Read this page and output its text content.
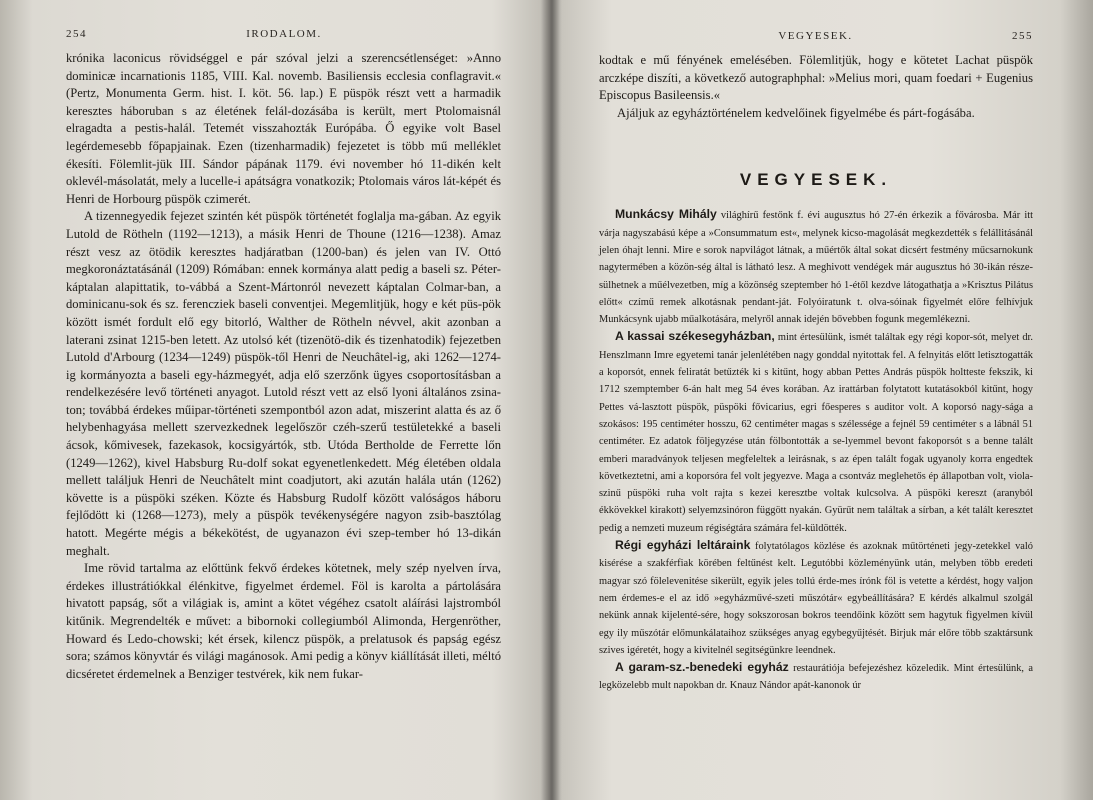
254	IRODALOM.

krónika laconicus rövidséggel e pár szóval jelzi a szerencsétlenséget: »Anno dominicæ incarnationis 1185, VIII. Kal. novemb. Basiliensis ecclesia conflagravit.« (Pertz, Monumenta Germ. hist. I. köt. 56. lap.) E püspök részt vett a harmadik keresztes háboruban s az életének felál-dozásába is került, mert Ptolomaisnál elragadta a pestis-halál. Tetemét visszahozták Európába. Ő egyike volt Basel legérdemesebb főpapjainak. Ezen (tizenharmadik) fejezetet is több mű melléklet ékesíti. Fölemlit-jük III. Sándor pápának 1179. évi november hó 11-dikén kelt oklevél-másolatát, mely a lucelle-i apátságra vonatkozik; Ptolomais város lát-képét és Henri de Horbourg püspök czimerét.

A tizennegyedik fejezet szintén két püspök történetét foglalja ma-gában. Az egyik Lutold de Rötheln (1192—1213), a másik Henri de Thoune (1216—1238). Amaz részt vesz az ötödik keresztes hadjáratban (1200-ban) és jelen van IV. Ottó megkoronáztatásánál (1209) Rómában: ennek kormánya alatt pedig a baseli sz. Péter-káptalan alapittatik, to-vábbá a Szent-Mártonról nevezett káptalan Colmar-ban, a dominicanu-sok és sz. ferencziek baseli conventjei. Megemlitjük, hogy e két püs-pök között ismét fordult elő egy bitorló, Walther de Rötheln névvel, akit azonban a laterani zsinat 1215-ben letett. Az utolsó két (tizenötö-dik és tizenhatodik) fejezetben Lutold d'Arbourg (1234—1249) püspök-től Henri de Neuchâtel-ig, aki 1262—1274-ig kormányozta a baseli egy-házmegyét, adja elő szerzőnk ügyes csoportosításban a rendelkezésére levő történeti anyagot. Lutold részt vett az első lyoni általános zsina-ton; továbbá érdekes műipar-történeti szempontból azon adat, miszerint alatta és az ő helybenhagyása mellett szervezkednek legelőször czéh-szerű testületekké a baseli ácsok, kőmivesek, fazekasok, kocsigyártók, stb. Utóda Bertholde de Ferrette lőn (1249—1262), kivel Habsburg Ru-dolf sokat egyenetlenkedett. Még életében oldala mellett találjuk Henri de Neuchâtelt mint coadjutort, aki azután halála után (1262) követte is a püspöki széken. Közte és Habsburg Rudolf között valóságos háboru fejlődött ki (1268—1273), mely a püspök tevékenységére nagyon zsib-basztólag hatott. Megérte mégis a békekötést, de ugyanazon évi szep-tember hó 13-dikán meghalt.

Ime rövid tartalma az előttünk fekvő érdekes kötetnek, mely szép nyelven írva, érdekes illustrátiókkal élénkitve, figyelmet érdemel. Föl is karolta a pártolására hivatott papság, sőt a világiak is, amint a kötet végéhez csatolt aláírási lajstromból kitűnik. Megrendelték e művet: a bibornoki collegiumból Alimonda, Hergenröther, Howard és Ledo-chowski; két érsek, kilencz püspök, a prelatusok és papság egész sora; számos könyvtár és világi magánosok. Ami pedig a könyv kiállítását illeti, méltó dicséretet érdemelnek a Benziger testvérek, kik nem fukar-

VEGYESEK.	255

kodtak e mű fényének emelésében. Fölemlitjük, hogy e kötetet Lachat püspök arczképe diszíti, a következő autographphal: »Melius mori, quam foedari + Eugenius Episcopus Basileensis.«

Ajáljuk az egyháztörténelem kedvelőinek figyelmébe és párt-fogásába.

VEGYESEK.

Munkácsy Mihály világhírű festőnk f. évi augusztus hó 27-én érkezik a fővárosba. Már itt várja nagyszabású képe a »Consummatum est«, melynek kicso-magolását megkezdették s felállitásánál jelen óhajt lenni. Mire e sorok napvilágot látnak, a műértők által sokat dicsért festmény műcsarnokunk nagytermében a közön-ség által is látható lesz. A meghivott vendégek már augusztus hó 30-ikán része-sülhetnek a műélvezetben, míg a közönség szeptember hó 1-étől kezdve látogathatja a »Krisztus Pilátus előtt« czímű remek alkotásnak pendant-ját. Folyóiratunk t. olva-sóinak figyelmét előre felhívjuk Munkácsynk ujabb műalkotására, melyről annak idején bővebben fogunk megemlékezni.

A kassai székesegyházban, mint értesülünk, ismét találtak egy régi kopor-sót, melyet dr. Henszlmann Imre egyetemi tanár jelenlétében nagy gonddal nyitottak fel. A felnyitás előtt letisztogatták a koporsót, ennek feliratát betűzték ki s kitűnt, hogy abban Pettes András püspök holtteste fekszik, ki 1712 szemptember 6-án halt meg 54 éves korában. Az irattárban folytatott kutatásokból kitűnt, hogy Pettes vá-lasztott püspök, püspöki fővicarius, egri főesperes s auditor volt. A koporsó nagy-sága a szokásos: 195 centiméter hosszu, 62 centiméter magas s szélessége a fejnél 59 centiméter s a lábnál 51 centiméter. Ez adatok följegyzése után fölbontották a se-lyemmel bevont fakoporsót s a benne talált emberi maradványok teljesen megfeleltek a leirásnak, s az épen talált fogak ugyanoly korra engedtek következtetni, ami a koporsóra fel volt jegyezve. Maga a csontváz meglehetős ép állapotban volt, viola-szinű püspöki ruha volt rajta s kezei keresztbe voltak kulcsolva. A püspöki kereszt (aranyból ékkövekkel kirakott) selyemzsinóron függött nyakán. Gyürűt nem találtak a sírban, a két talált keresztet pedig a nemzeti muzeum régiségtára számára fel-küldötték.

Régi egyházi leltáraink folytatólagos közlése és azoknak műtörténeti jegy-zetekkel való kisérése a szakférfiak körében feltűnést kelt. Legutóbbi közleményünk után, melyben több eredeti magyar szó fölelevenitése sikerült, egyik jeles tollú érde-mes írónk föl is vetette a kérdést, hogy valjon nem érdemes-e el az idő »egyházművé-szeti műszótár« egybeállítására? E kérdés alkalmul szolgál nekünk annak kijelenté-sére, hogy sokszorosan bokros teendőink között sem hagytuk figyelmen kívül egy ily műszótár előmunkálataihoz szükséges anyag egybegyűjtését. Birjuk már előre több szaktársunk szives igéretét, hogy a kivitelnél segitségünkre leendnek.

A garam-sz.-benedeki egyház restaurátiója befejezéshez közeledik. Mint értesülünk, a legközelebb mult napokban dr. Knauz Nándor apát-kanonok úr
